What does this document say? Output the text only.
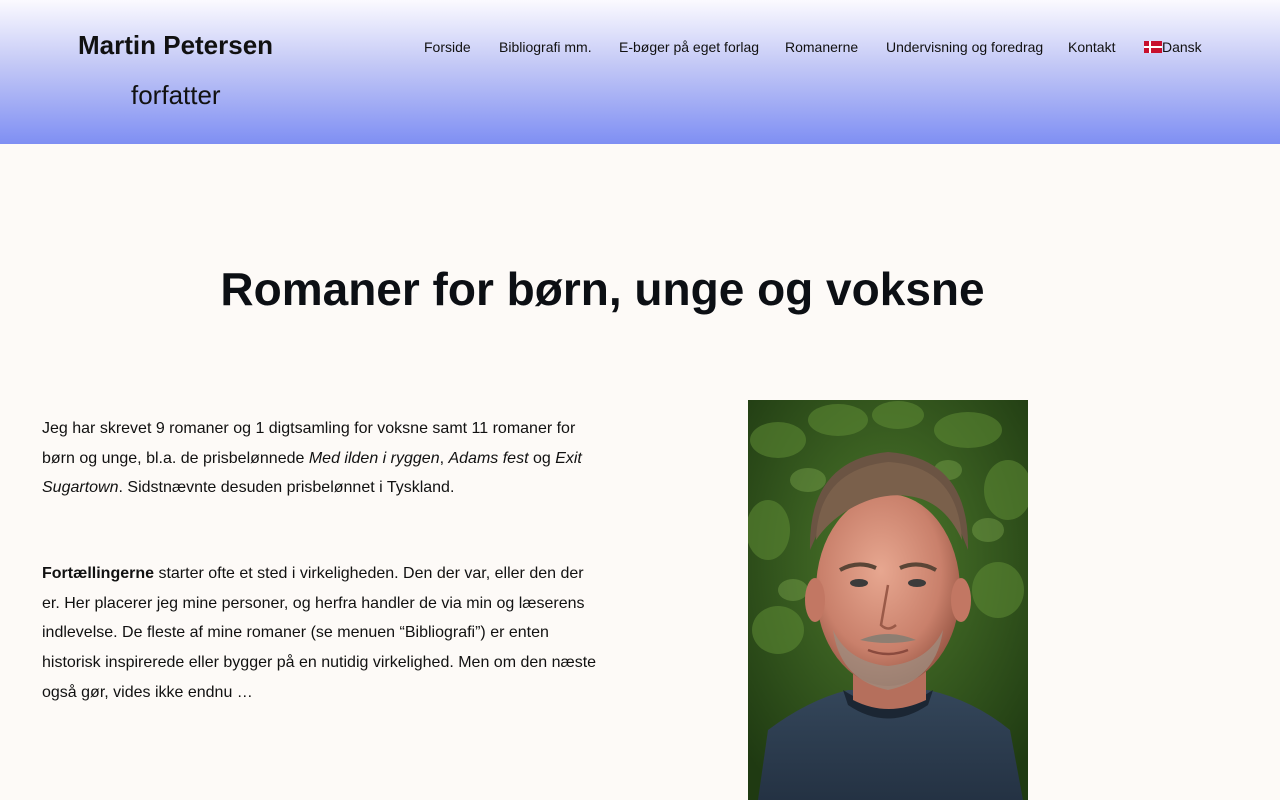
Martin Petersen
forfatter
Forside Bibliografi mm. E-bøger på eget forlag Romanerne Undervisning og foredrag Kontakt	Dansk
Romaner for børn, unge og voksne

Jeg har skrevet 9 romaner og 1 digtsamling for voksne samt 11 romaner for børn og unge, bl.a. de prisbelønnede Med ilden i ryggen, Adams fest og Exit Sugartown. Sidstnævnte desuden prisbelønnet i Tyskland.

Fortællingerne starter ofte et sted i virkeligheden. Den der var, eller den der er. Her placerer jeg mine personer, og herfra handler de via min og læserens indlevelse. De fleste af mine romaner (se menuen “Bibliografi”) er enten historisk inspirerede eller bygger på en nutidig virkelighed. Men om den næste også gør, vides ikke endnu …
